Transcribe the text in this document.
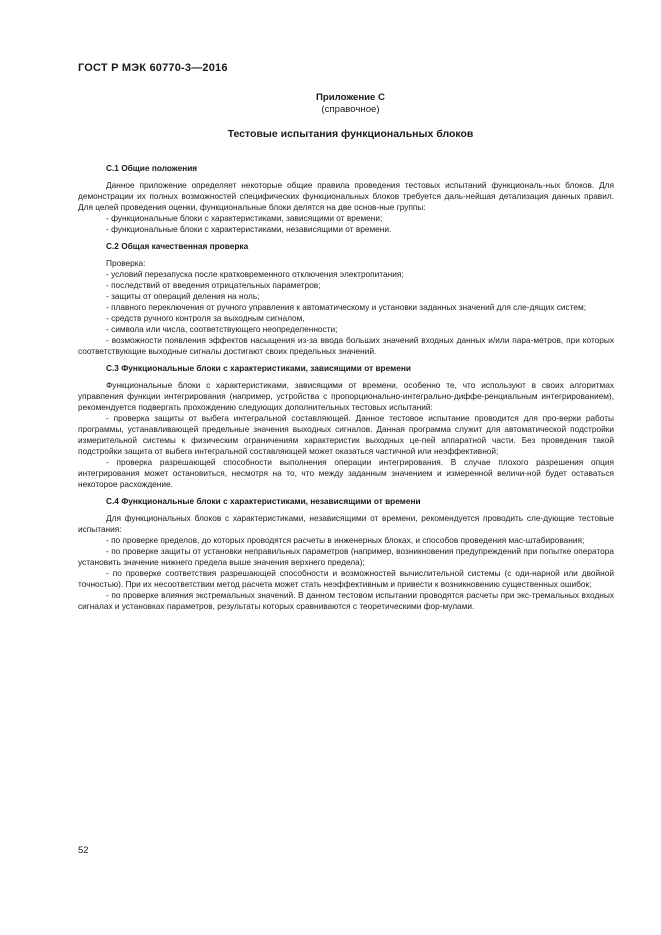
ГОСТ Р МЭК 60770-3—2016
Приложение С
(справочное)
Тестовые испытания функциональных блоков
С.1 Общие положения

Данное приложение определяет некоторые общие правила проведения тестовых испытаний функциональ-ных блоков. Для демонстрации их полных возможностей специфических функциональных блоков требуется даль-нейшая детализация данных правил. Для целей проведения оценки, функциональные блоки делятся на две основ-ные группы:

- функциональные блоки с характеристиками, зависящими от времени;

- функциональные блоки с характеристиками, независящими от времени.

С.2 Общая качественная проверка

Проверка:

- условий перезапуска после кратковременного отключения электропитания;

- последствий от введения отрицательных параметров;

- защиты от операций деления на ноль;

- плавного переключения от ручного управления к автоматическому и установки заданных значений для сле-дящих систем;

- средств ручного контроля за выходным сигналом,

- символа или числа, соответствующего неопределенности;

- возможности появления эффектов насыщения из-за ввода больших значений входных данных и/или пара-метров, при которых соответствующие выходные сигналы достигают своих предельных значений.

С.3 Функциональные блоки с характеристиками, зависящими от времени

Функциональные блоки с характеристиками, зависящими от времени, особенно те, что используют в своих алгоритмах управления функции интегрирования (например, устройства с пропорционально-интегрально-диффе-ренциальным интегрированием), рекомендуется подвергать прохождению следующих дополнительных тестовых испытаний:

- проверка защиты от выбега интегральной составляющей. Данное тестовое испытание проводится для про-верки работы программы, устанавливающей предельные значения выходных сигналов. Данная программа служит для автоматической подстройки измерительной системы к физическим ограничениям характеристик выходных це-пей аппаратной части. Без проведения такой подстройки защита от выбега интегральной составляющей может оказаться частичной или неэффективной;

- проверка разрешающей способности выполнения операции интегрирования. В случае плохого разрешения опция интегрирования может остановиться, несмотря на то, что между заданным значением и измеренной величи-ной будет оставаться некоторое расхождение.

С.4 Функциональные блоки с характеристиками, независящими от времени

Для функциональных блоков с характеристиками, независящими от времени, рекомендуется проводить сле-дующие тестовые испытания:

- по проверке пределов, до которых проводятся расчеты в инженерных блоках, и способов проведения мас-штабирования;

- по проверке защиты от установки неправильных параметров (например, возникновения предупреждений при попытке оператора установить значение нижнего предела выше значения верхнего предела);

- по проверке соответствия разрешающей способности и возможностей вычислительной системы (с оди-нарной или двойной точностью). При их несоответствии метод расчета может стать неэффективным и привести к возникновению существенных ошибок;

- по проверке влияния экстремальных значений. В данном тестовом испытании проводятся расчеты при экс-тремальных входных сигналах и установках параметров, результаты которых сравниваются с теоретическими фор-мулами.

52
